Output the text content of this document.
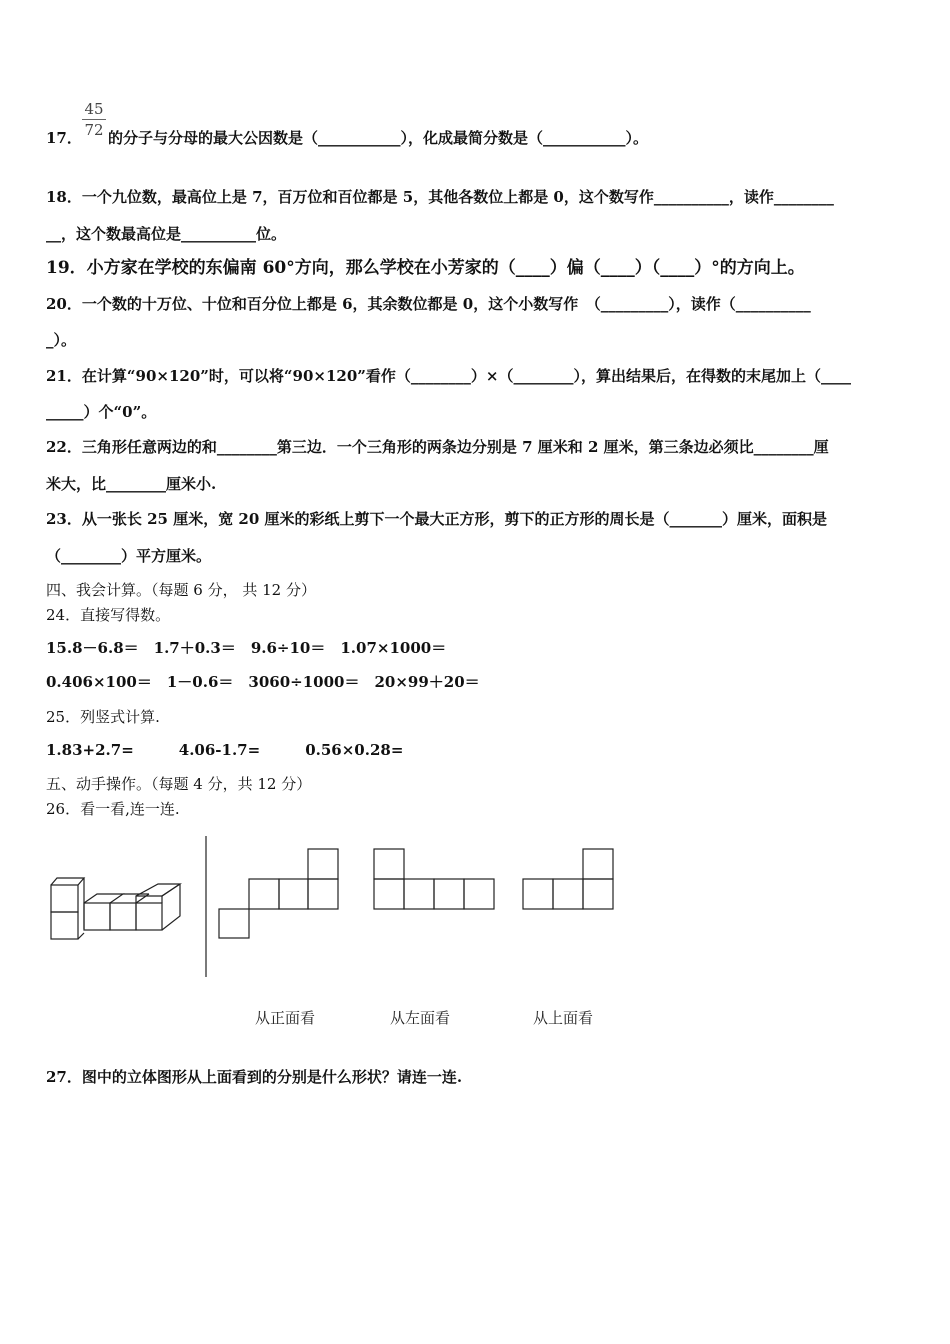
45
72
17． 的分子与分母的最大公因数是（___________），化成最简分数是（___________）。
18．一个九位数，最高位上是 7，百万位和百位都是 5，其他各数位上都是 0，这个数写作__________，读作________
__，这个数最高位是__________位。
19．小方家在学校的东偏南 60°方向，那么学校在小芳家的（____）偏（____）（____）°的方向上。
20．一个数的十万位、十位和百分位上都是 6，其余数位都是 0，这个小数写作　（_________），读作（__________
_）。
21．在计算“90×120”时，可以将“90×120”看作（________）×（________），算出结果后，在得数的末尾加上（____
_____）个“0”。
22．三角形任意两边的和________第三边．一个三角形的两条边分别是 7 厘米和 2 厘米，第三条边必须比________厘
米大，比________厘米小.
23．从一张长 25 厘米，宽 20 厘米的彩纸上剪下一个最大正方形，剪下的正方形的周长是（_______）厘米，面积是
（________）平方厘米。
四、我会计算。（每题 6 分， 共 12 分）
24．直接写得数。
15.8－6.8＝　1.7＋0.3＝　9.6÷10＝　1.07×1000＝
0.406×100＝　1－0.6＝　3060÷1000＝　20×99＋20＝
25．列竖式计算.
1.83+2.7=　　　4.06-1.7=　　　0.56×0.28=
五、动手操作。（每题 4 分，共 12 分）
26．看一看,连一连.
从正面看	从左面看	从上面看
27．图中的立体图形从上面看到的分别是什么形状？请连一连.
